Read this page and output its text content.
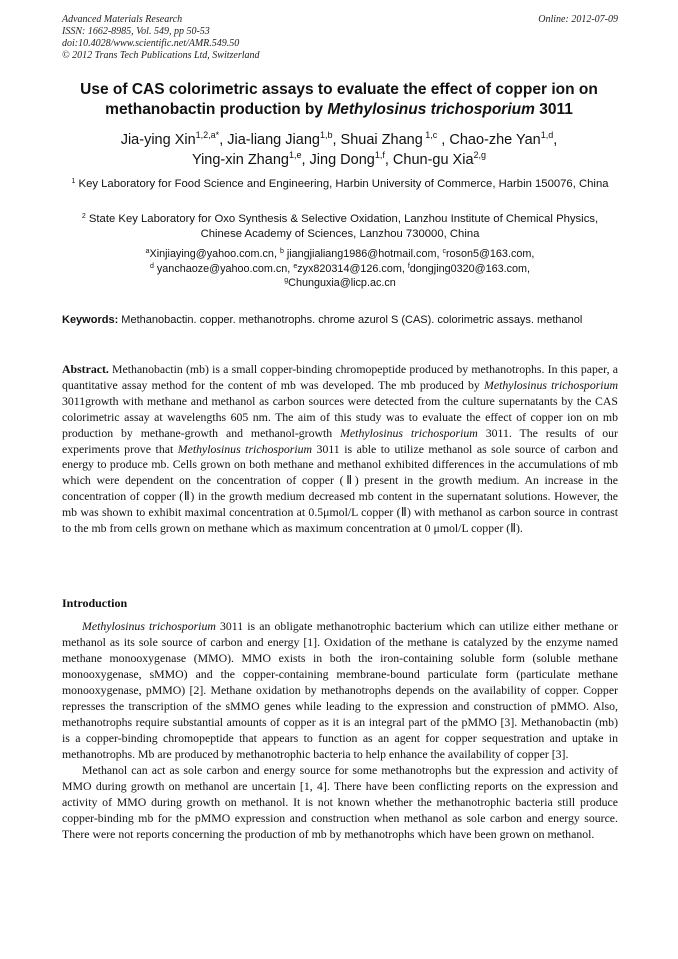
Advanced Materials Research
ISSN: 1662-8985, Vol. 549, pp 50-53
doi:10.4028/www.scientific.net/AMR.549.50
© 2012 Trans Tech Publications Ltd, Switzerland
Online: 2012-07-09
Use of CAS colorimetric assays to evaluate the effect of copper ion on methanobactin production by Methylosinus trichosporium 3011
Jia-ying Xin$^{1,2,a*}$, Jia-liang Jiang$^{1,b}$, Shuai Zhang $^{1,c}$ , Chao-zhe Yan$^{1,d}$,
Ying-xin Zhang$^{1,e}$, Jing Dong$^{1,f}$, Chun-gu Xia$^{2,g}$
$^1$ Key Laboratory for Food Science and Engineering, Harbin University of Commerce, Harbin 150076, China
$^2$ State Key Laboratory for Oxo Synthesis & Selective Oxidation, Lanzhou Institute of Chemical Physics, Chinese Academy of Sciences, Lanzhou 730000, China
$^a$Xinjiaying@yahoo.com.cn, $^b$ jiangjialiang1986@hotmail.com, $^c$roson5@163.com,
$^d$ yanchaoze@yahoo.com.cn, $^e$zyx820314@126.com, $^f$dongjing0320@163.com,
$^g$Chunguxia@licp.ac.cn
Keywords: Methanobactin. copper. methanotrophs. chrome azurol S (CAS). colorimetric assays. methanol

Abstract. Methanobactin (mb) is a small copper-binding chromopeptide produced by methanotrophs. In this paper, a quantitative assay method for the content of mb was developed. The mb produced by Methylosinus trichosporium 3011growth with methane and methanol as carbon sources were detected from the culture supernatants by the CAS colorimetric assay at wavelengths 605 nm. The aim of this study was to evaluate the effect of copper ion on mb production by methane-growth and methanol-growth Methylosinus trichosporium 3011. The results of our experiments prove that Methylosinus trichosporium 3011 is able to utilize methanol as sole source of carbon and energy to produce mb. Cells grown on both methane and methanol exhibited differences in the accumulations of mb which were dependent on the concentration of copper (Ⅱ) present in the growth medium. An increase in the concentration of copper (Ⅱ) in the growth medium decreased mb content in the supernatant solutions. However, the mb was shown to exhibit maximal concentration at 0.5μmol/L copper (Ⅱ) with methanol as carbon source in contrast to the mb from cells grown on methane which as maximum concentration at 0 μmol/L copper (Ⅱ).

Introduction

Methylosinus trichosporium 3011 is an obligate methanotrophic bacterium which can utilize either methane or methanol as its sole source of carbon and energy [1]. Oxidation of the methane is catalyzed by the enzyme named methane monooxygenase (MMO). MMO exists in both the iron-containing soluble form (soluble methane monooxygenase, sMMO) and the copper-containing membrane-bound particulate form (particulate methane monooxygenase, pMMO) [2]. Methane oxidation by methanotrophs depends on the availability of copper. Copper represses the transcription of the sMMO genes while leading to the expression and construction of pMMO. Also, methanotrophs require substantial amounts of copper as it is an integral part of the pMMO [3]. Methanobactin (mb) is a copper-binding chromopeptide that appears to function as an agent for copper sequestration and uptake in methanotrophs. Mb are produced by methanotrophic bacteria to help enhance the availability of copper [3].

Methanol can act as sole carbon and energy source for some methanotrophs but the expression and activity of MMO during growth on methanol are uncertain [1, 4]. There have been conflicting reports on the expression and activity of MMO during growth on methanol. It is not known whether the methanotrophic bacteria still produce copper-binding mb for the pMMO expression and construction when methanol as sole carbon and energy source. There were not reports concerning the production of mb by methanotrophs which have been grown on methanol.
